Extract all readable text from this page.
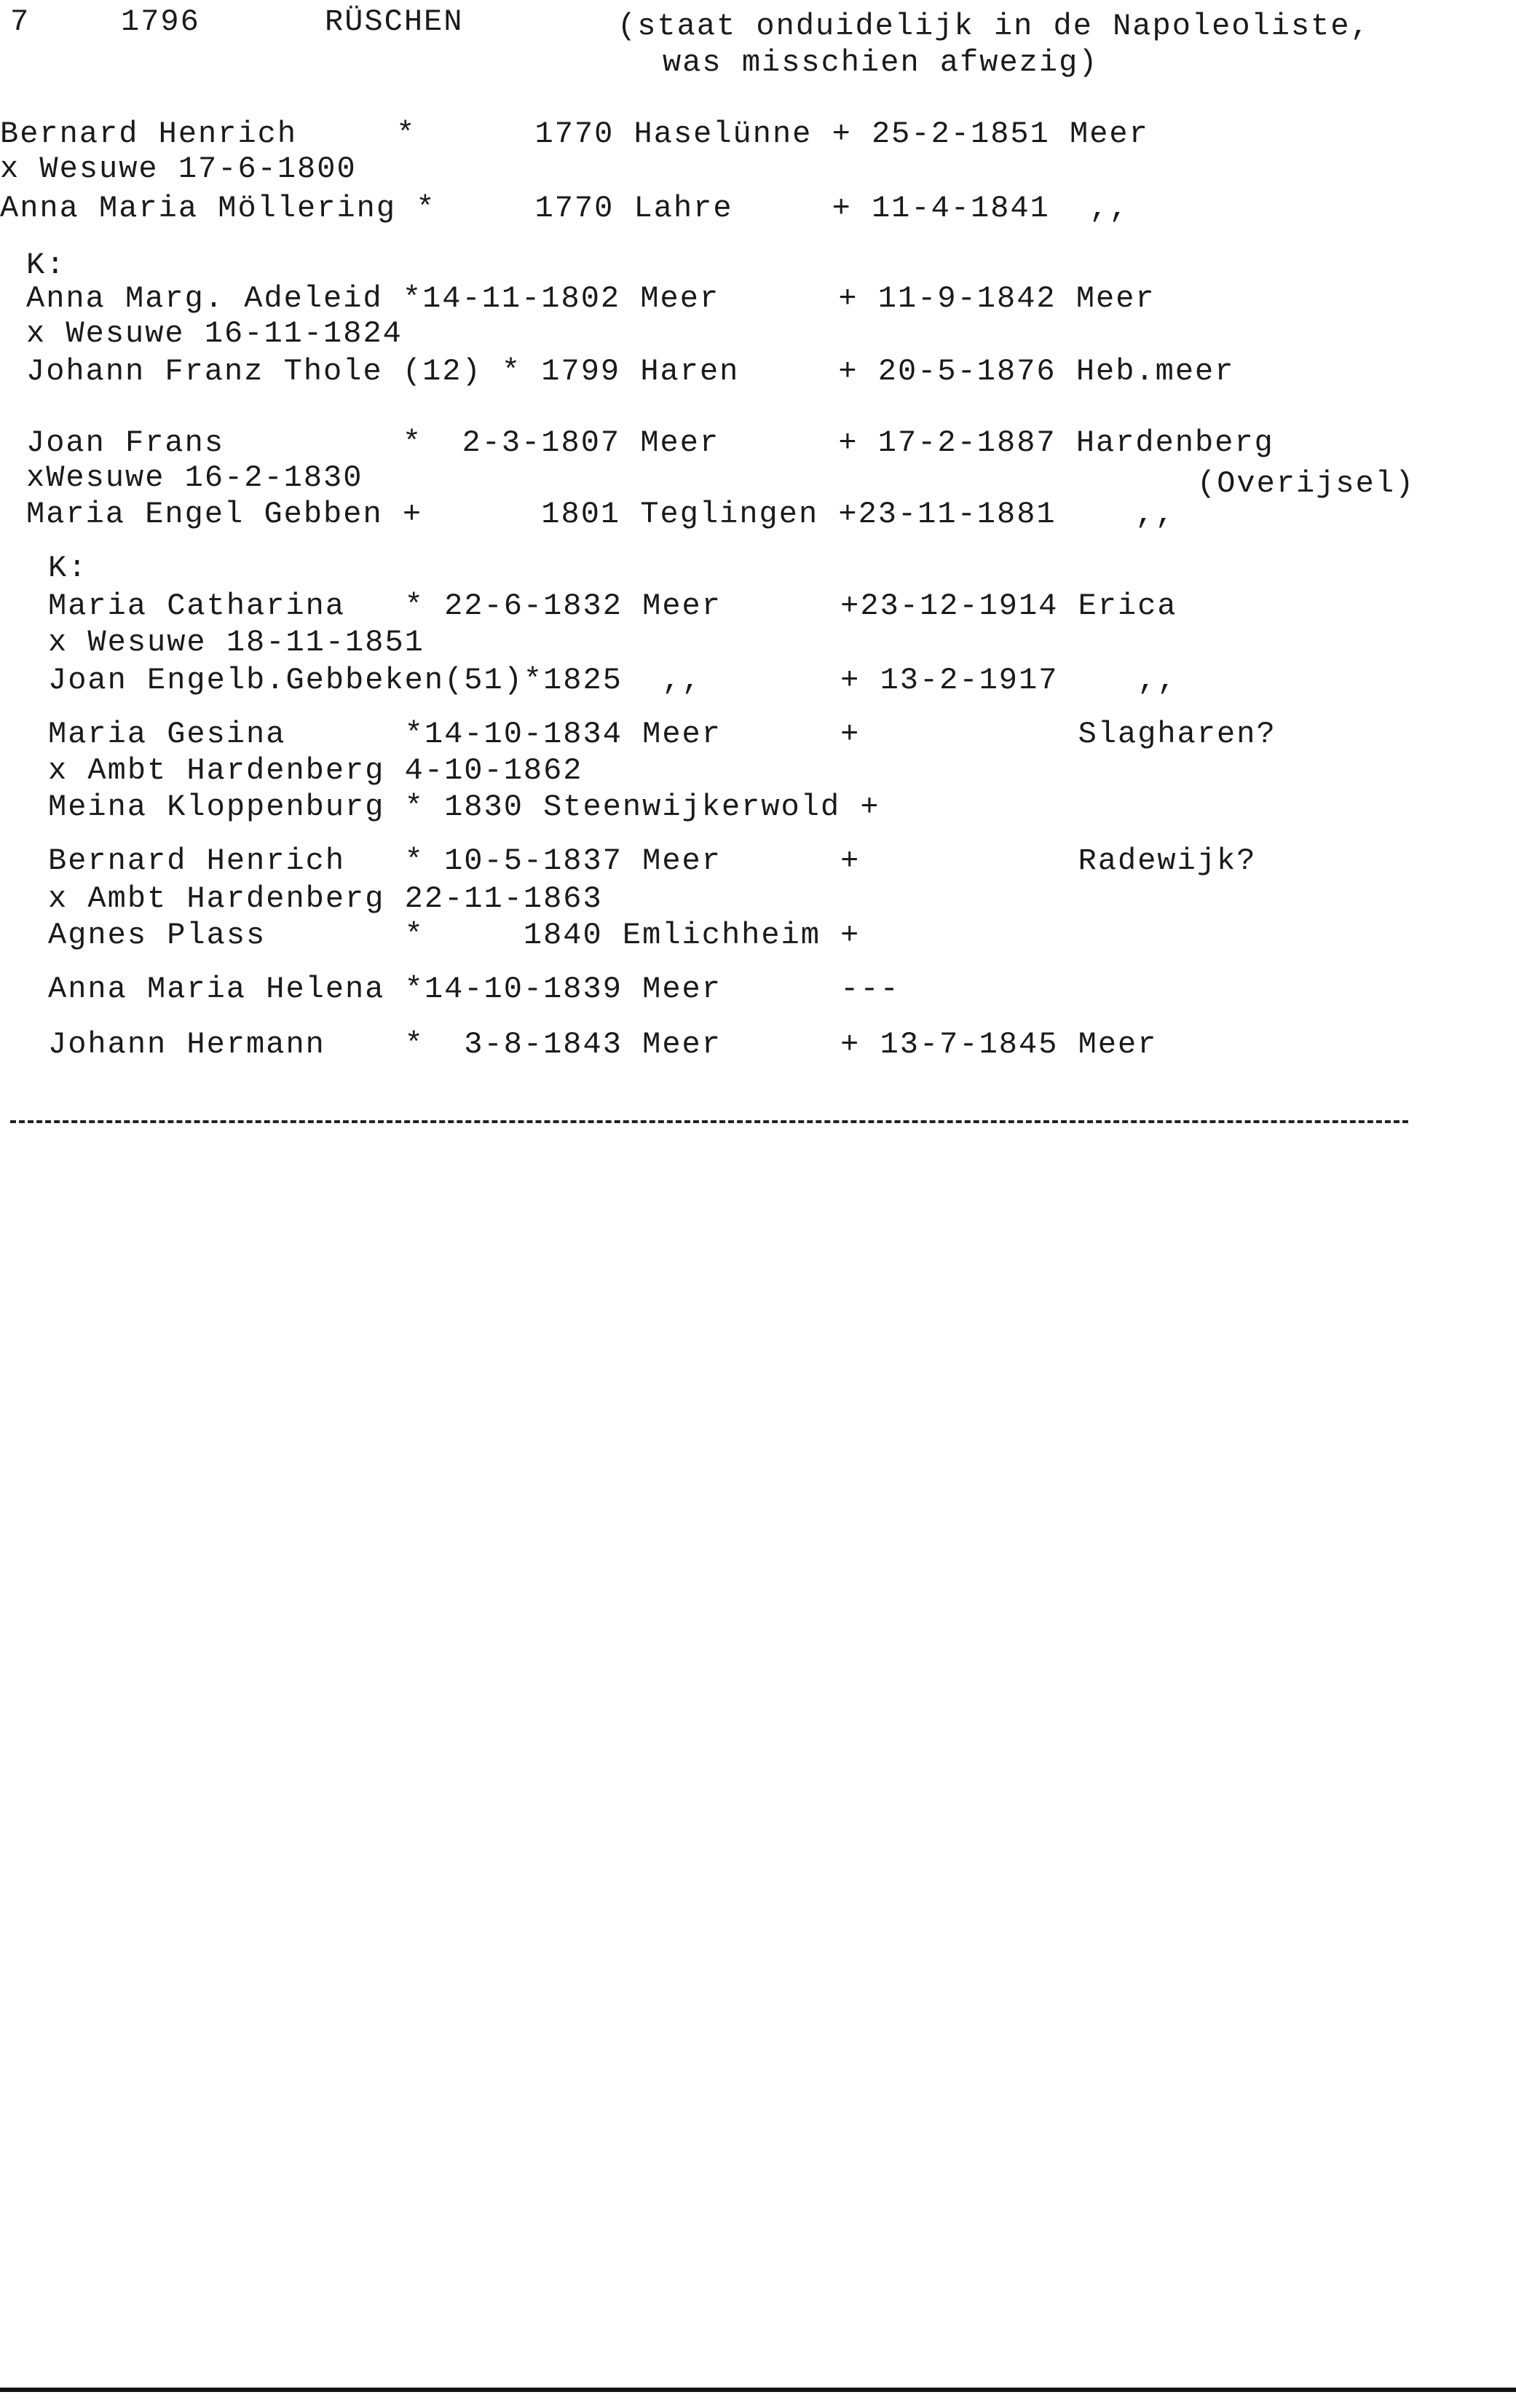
7	1796	RÜSCHEN	(staat onduidelijk in de Napoleoliste,
was misschien afwezig)
Bernard Henrich     *      1770 Haselünne + 25-2-1851 Meer
x Wesuwe 17-6-1800
Anna Maria Möllering *     1770 Lahre     + 11-4-1841  ,,
K:
Anna Marg. Adeleid *14-11-1802 Meer      + 11-9-1842 Meer
x Wesuwe 16-11-1824
Johann Franz Thole (12) * 1799 Haren     + 20-5-1876 Heb.meer
Joan Frans         *  2-3-1807 Meer      + 17-2-1887 Hardenberg
xWesuwe 16-2-1830	(Overijsel)
Maria Engel Gebben +      1801 Teglingen +23-11-1881    ,,
K:
Maria Catharina   * 22-6-1832 Meer      +23-12-1914 Erica
x Wesuwe 18-11-1851
Joan Engelb.Gebbeken(51)*1825  ,,       + 13-2-1917    ,,
Maria Gesina      *14-10-1834 Meer      +           Slagharen?
x Ambt Hardenberg 4-10-1862
Meina Kloppenburg * 1830 Steenwijkerwold +
Bernard Henrich   * 10-5-1837 Meer      +           Radewijk?
x Ambt Hardenberg 22-11-1863
Agnes Plass       *     1840 Emlichheim +
Anna Maria Helena *14-10-1839 Meer      ---
Johann Hermann    *  3-8-1843 Meer      + 13-7-1845 Meer
